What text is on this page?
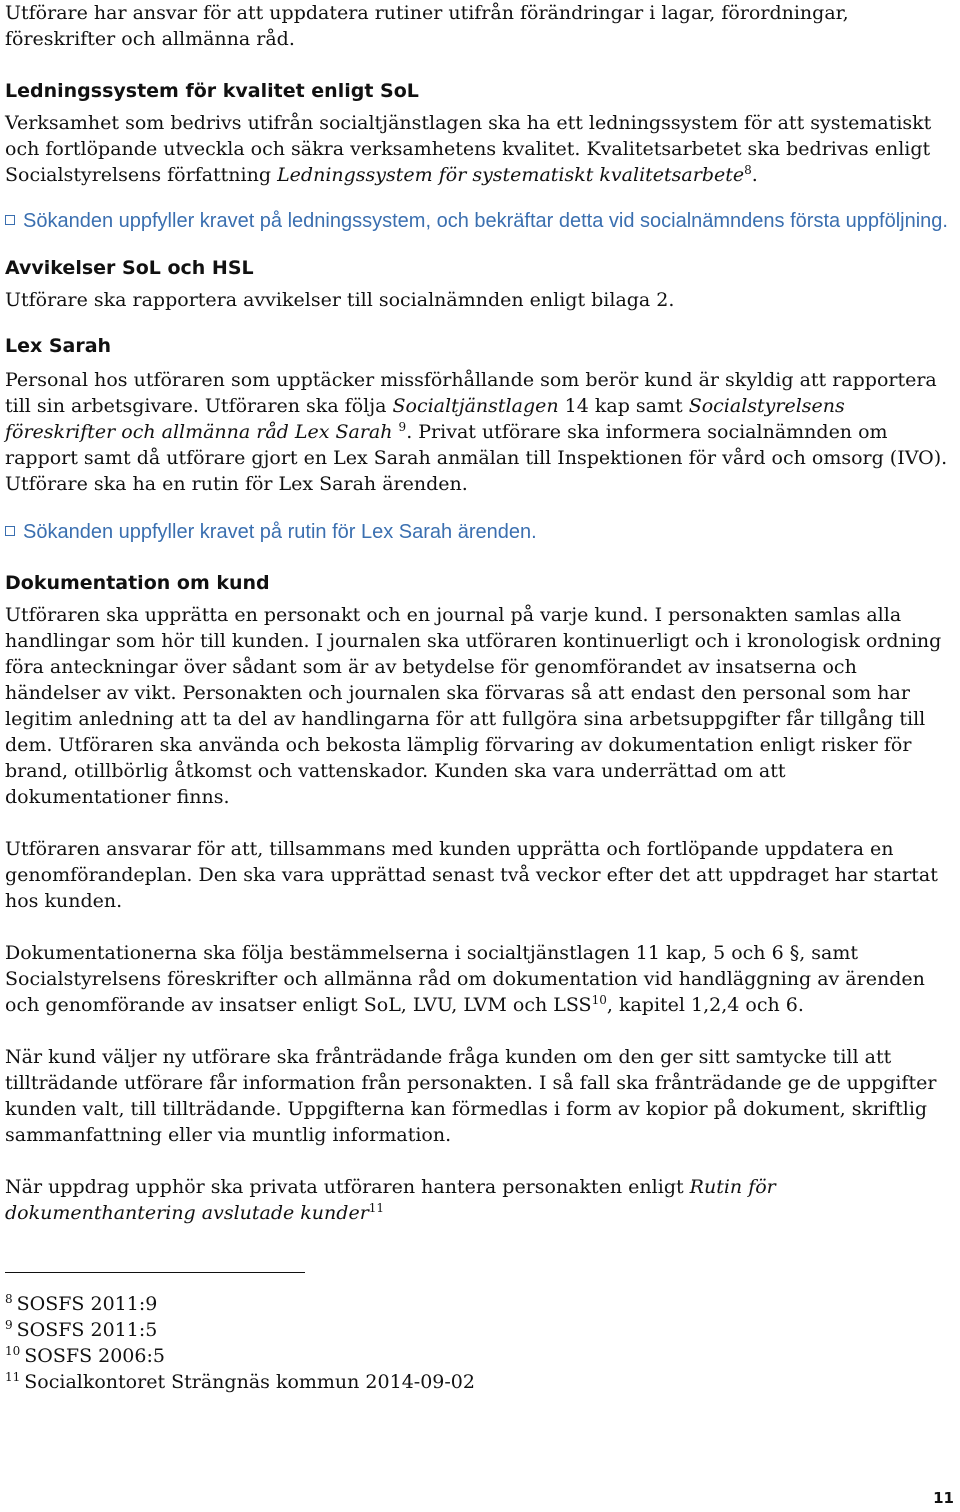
Utförare har ansvar för att uppdatera rutiner utifrån förändringar i lagar, förordningar, föreskrifter och allmänna råd.

Ledningssystem för kvalitet enligt SoL

Verksamhet som bedrivs utifrån socialtjänstlagen ska ha ett ledningssystem för att systematiskt och fortlöpande utveckla och säkra verksamhetens kvalitet. Kvalitetsarbetet ska bedrivas enligt Socialstyrelsens författning Ledningssystem för systematiskt kvalitetsarbete$^8$.

Sökanden uppfyller kravet på ledningssystem, och bekräftar detta vid socialnämndens första uppföljning.

Avvikelser SoL och HSL

Utförare ska rapportera avvikelser till socialnämnden enligt bilaga 2.

Lex Sarah

Personal hos utföraren som upptäcker missförhållande som berör kund är skyldig att rapportera till sin arbetsgivare. Utföraren ska följa Socialtjänstlagen 14 kap samt Socialstyrelsens föreskrifter och allmänna råd Lex Sarah $^9$. Privat utförare ska informera socialnämnden om rapport samt då utförare gjort en Lex Sarah anmälan till Inspektionen för vård och omsorg (IVO). Utförare ska ha en rutin för Lex Sarah ärenden.

Sökanden uppfyller kravet på rutin för Lex Sarah ärenden.

Dokumentation om kund

Utföraren ska upprätta en personakt och en journal på varje kund. I personakten samlas alla handlingar som hör till kunden. I journalen ska utföraren kontinuerligt och i kronologisk ordning föra anteckningar över sådant som är av betydelse för genomförandet av insatserna och händelser av vikt. Personakten och journalen ska förvaras så att endast den personal som har legitim anledning att ta del av handlingarna för att fullgöra sina arbetsuppgifter får tillgång till dem. Utföraren ska använda och bekosta lämplig förvaring av dokumentation enligt risker för brand, otillbörlig åtkomst och vattenskador. Kunden ska vara underrättad om att dokumentationer finns.

Utföraren ansvarar för att, tillsammans med kunden upprätta och fortlöpande uppdatera en genomförandeplan. Den ska vara upprättad senast två veckor efter det att uppdraget har startat hos kunden.

Dokumentationerna ska följa bestämmelserna i socialtjänstlagen 11 kap, 5 och 6 §, samt Socialstyrelsens föreskrifter och allmänna råd om dokumentation vid handläggning av ärenden och genomförande av insatser enligt SoL, LVU, LVM och LSS$^{10}$, kapitel 1,2,4 och 6.

När kund väljer ny utförare ska frånträdande fråga kunden om den ger sitt samtycke till att tillträdande utförare får information från personakten. I så fall ska frånträdande ge de uppgifter kunden valt, till tillträdande. Uppgifterna kan förmedlas i form av kopior på dokument, skriftlig sammanfattning eller via muntlig information.

När uppdrag upphör ska privata utföraren hantera personakten enligt Rutin för dokumenthantering avslutade kunder$^{11}$

$^8$ SOSFS 2011:9

$^9$ SOSFS 2011:5

$^{10}$ SOSFS 2006:5

$^{11}$ Socialkontoret Strängnäs kommun 2014-09-02

11
